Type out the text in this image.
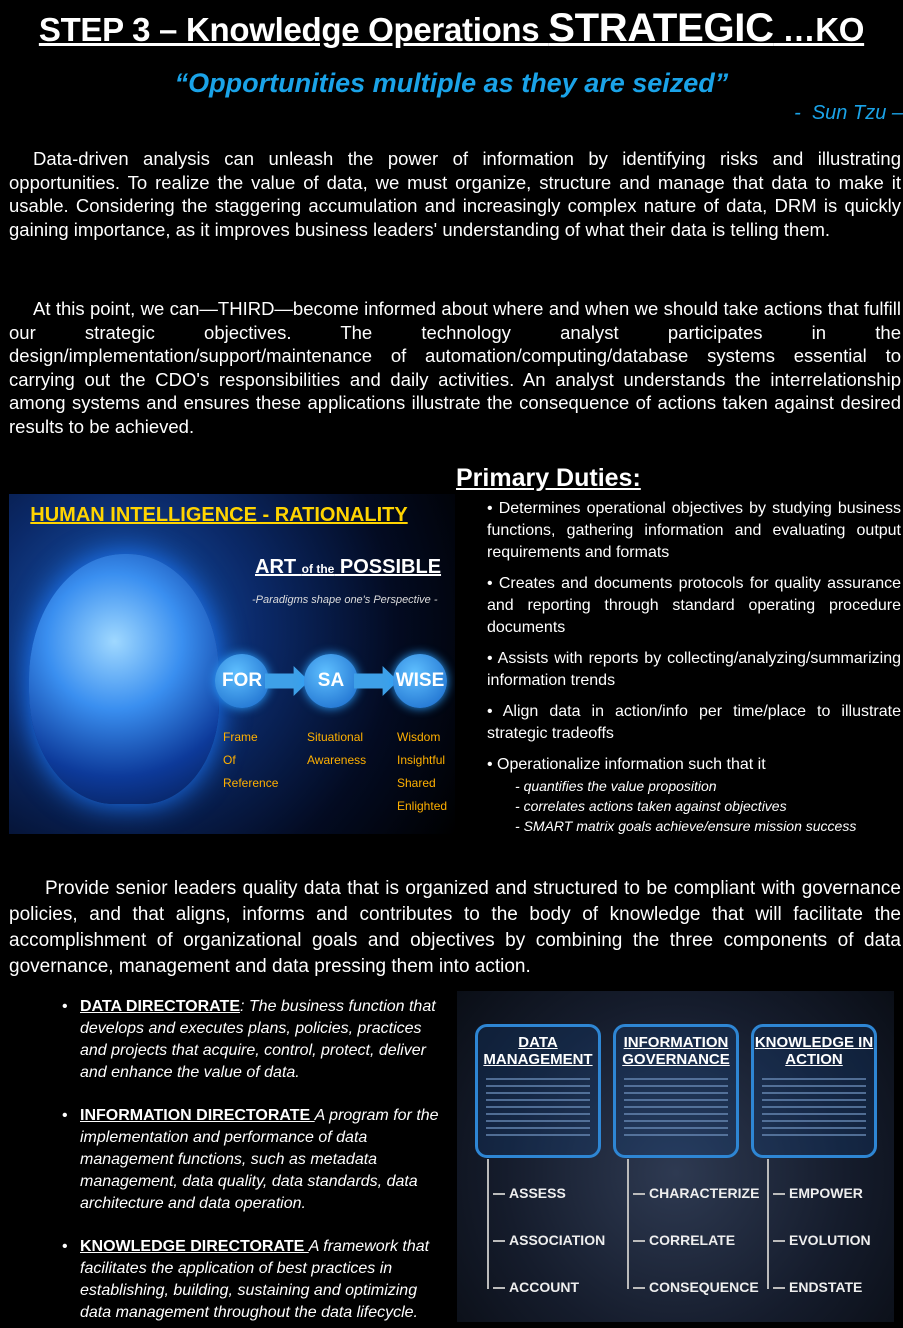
STEP 3 – Knowledge Operations STRATEGIC …KO
“Opportunities multiple as they are seized”
-  Sun Tzu –

Data-driven analysis can unleash the power of information by identifying risks and illustrating opportunities. To realize the value of data, we must organize, structure and manage that data to make it usable. Considering the staggering accumulation and increasingly complex nature of data, DRM is quickly gaining importance, as it improves business leaders' understanding of what their data is telling them.

At this point, we can—THIRD—become informed about where and when we should take actions that fulfill our strategic objectives. The technology analyst participates in the design/implementation/support/maintenance of automation/computing/database systems essential to carrying out the CDO's responsibilities and daily activities. An analyst understands the interrelationship among systems and ensures these applications illustrate the consequence of actions taken against desired results to be achieved.

HUMAN INTELLIGENCE - RATIONALITY
ART of the POSSIBLE
-Paradigms shape one's Perspective -
FOR	SA	WISE
Frame
Of
Reference
Situational
Awareness
Wisdom
Insightful
Shared
Enlighted
Primary Duties:
• Determines operational objectives by studying business functions, gathering information and evaluating output requirements and formats
• Creates and documents protocols for quality assurance and reporting through standard operating procedure documents
• Assists with reports by collecting/analyzing/summarizing information trends
• Align data in action/info per time/place to illustrate strategic tradeoffs
• Operationalize information such that it
- quantifies the value proposition
- correlates actions taken against objectives
- SMART matrix goals achieve/ensure mission success

Provide senior leaders quality data that is organized and structured to be compliant with governance policies, and that aligns, informs and contributes to the body of knowledge that will facilitate the accomplishment of organizational goals and objectives by combining the three components of data governance, management and data pressing them into action.

• DATA DIRECTORATE: The business function that develops and executes plans, policies, practices and projects that acquire, control, protect, deliver and enhance the value of data.
• INFORMATION DIRECTORATE A program for the implementation and performance of data management functions, such as metadata management, data quality, data standards, data architecture and data operation.
• KNOWLEDGE DIRECTORATE A framework that facilitates the application of best practices in establishing, building, sustaining and optimizing data management throughout the data lifecycle.
DATA MANAGEMENT
INFORMATION GOVERNANCE
KNOWLEDGE IN ACTION
ASSESS
ASSOCIATION
ACCOUNT
CHARACTERIZE
CORRELATE
CONSEQUENCE
EMPOWER
EVOLUTION
ENDSTATE
